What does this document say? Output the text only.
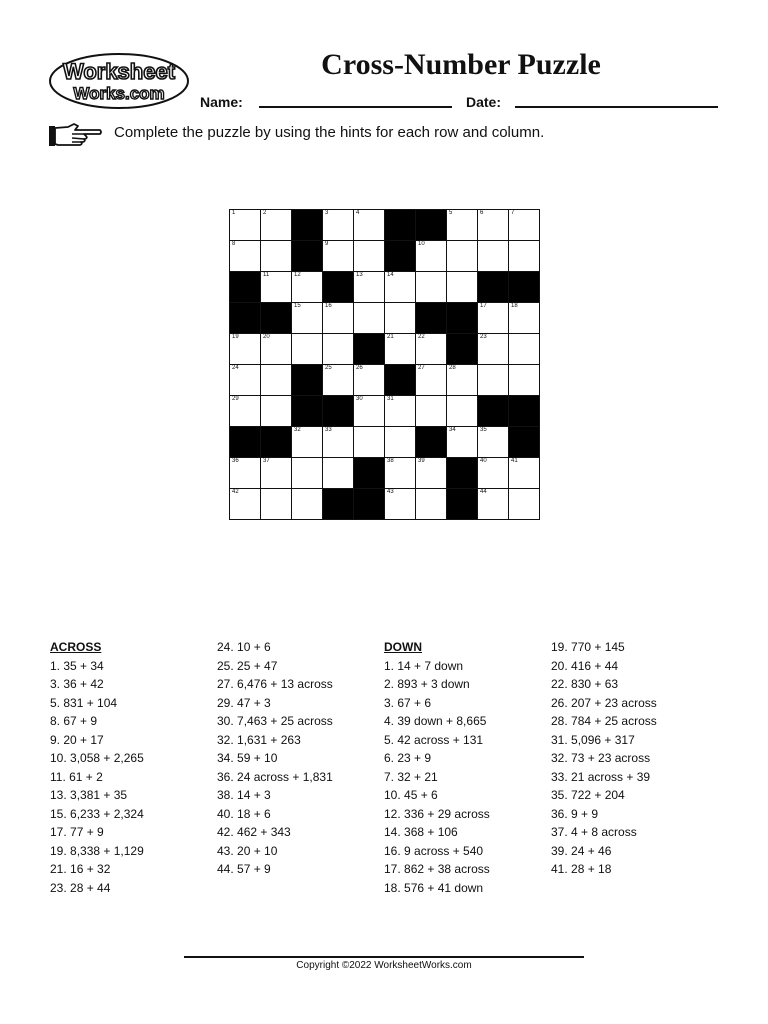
Worksheet
Works.com
Cross-Number Puzzle
Name:	Date:
Complete the puzzle by using the hints for each row and column.
1	2	3	4	5	6	7
8	9	10
11	12	13	14
15	16	17	18
19	20	21	22	23
24	25	26	27	28
29	30	31
32	33	34	35
36	37	38	39	40	41
42	43	44
ACROSS
1. 35 + 34
3. 36 + 42
5. 831 + 104
8. 67 + 9
9. 20 + 17
10. 3,058 + 2,265
11. 61 + 2
13. 3,381 + 35
15. 6,233 + 2,324
17. 77 + 9
19. 8,338 + 1,129
21. 16 + 32
23. 28 + 44
24. 10 + 6
25. 25 + 47
27. 6,476 + 13 across
29. 47 + 3
30. 7,463 + 25 across
32. 1,631 + 263
34. 59 + 10
36. 24 across + 1,831
38. 14 + 3
40. 18 + 6
42. 462 + 343
43. 20 + 10
44. 57 + 9
DOWN
1. 14 + 7 down
2. 893 + 3 down
3. 67 + 6
4. 39 down + 8,665
5. 42 across + 131
6. 23 + 9
7. 32 + 21
10. 45 + 6
12. 336 + 29 across
14. 368 + 106
16. 9 across + 540
17. 862 + 38 across
18. 576 + 41 down
19. 770 + 145
20. 416 + 44
22. 830 + 63
26. 207 + 23 across
28. 784 + 25 across
31. 5,096 + 317
32. 73 + 23 across
33. 21 across + 39
35. 722 + 204
36. 9 + 9
37. 4 + 8 across
39. 24 + 46
41. 28 + 18
Copyright ©2022 WorksheetWorks.com
